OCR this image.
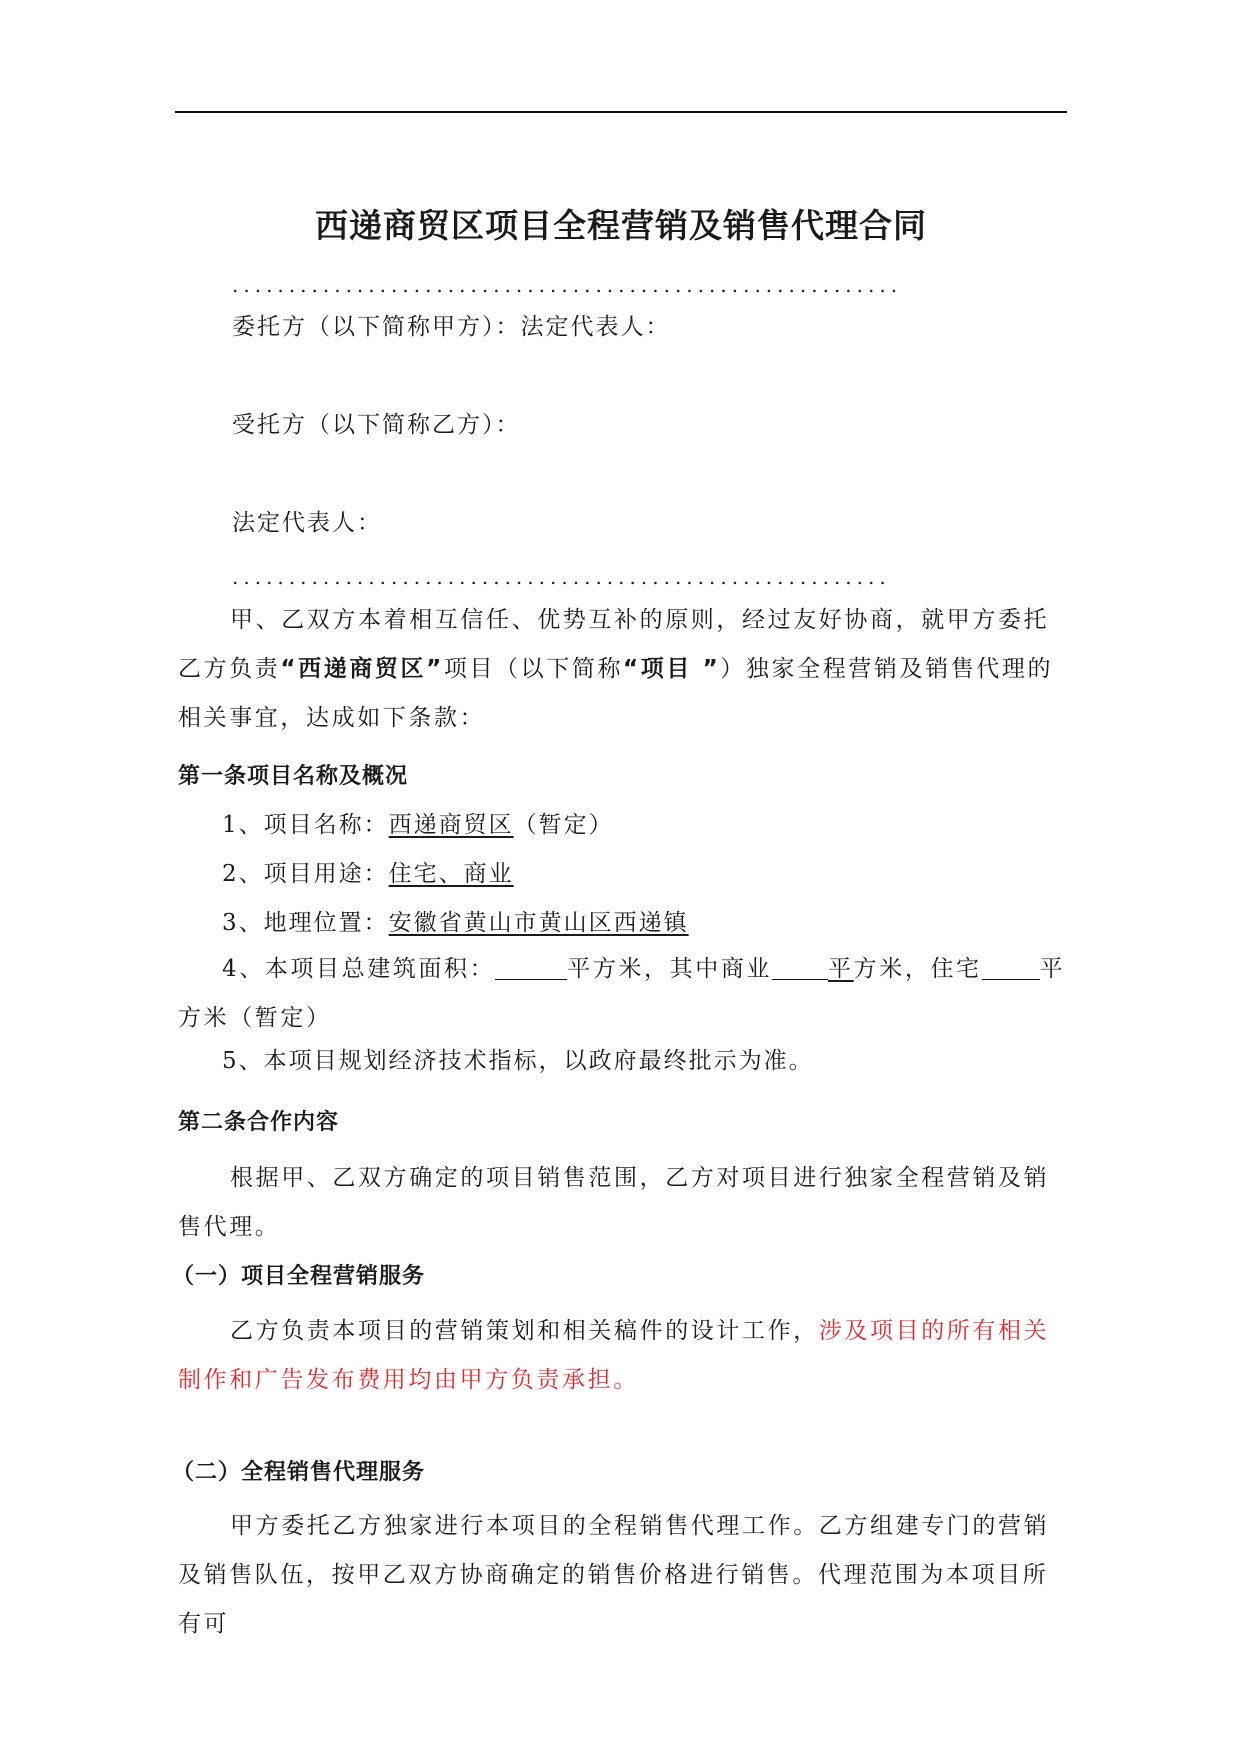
西递商贸区项目全程营销及销售代理合同
...........................................................
委托方（以下简称甲方）：法定代表人：
受托方（以下简称乙方）：
法定代表人：
..........................................................
甲、乙双方本着相互信任、优势互补的原则，经过友好协商，就甲方委托乙方负责“西递商贸区”项目（以下简称“项目 ”）独家全程营销及销售代理的相关事宜，达成如下条款：
第一条项目名称及概况
1、项目名称：西递商贸区（暂定）
2、项目用途：住宅、商业
3、地理位置：安徽省黄山市黄山区西递镇
4、本项目总建筑面积：	平方米，其中商业 平方米，住宅	平方米（暂定）
5、本项目规划经济技术指标，以政府最终批示为准。
第二条合作内容
根据甲、乙双方确定的项目销售范围，乙方对项目进行独家全程营销及销售代理。
（一）项目全程营销服务
乙方负责本项目的营销策划和相关稿件的设计工作，涉及项目的所有相关制作和广告发布费用均由甲方负责承担。
（二）全程销售代理服务
甲方委托乙方独家进行本项目的全程销售代理工作。乙方组建专门的营销及销售队伍，按甲乙双方协商确定的销售价格进行销售。代理范围为本项目所有可
